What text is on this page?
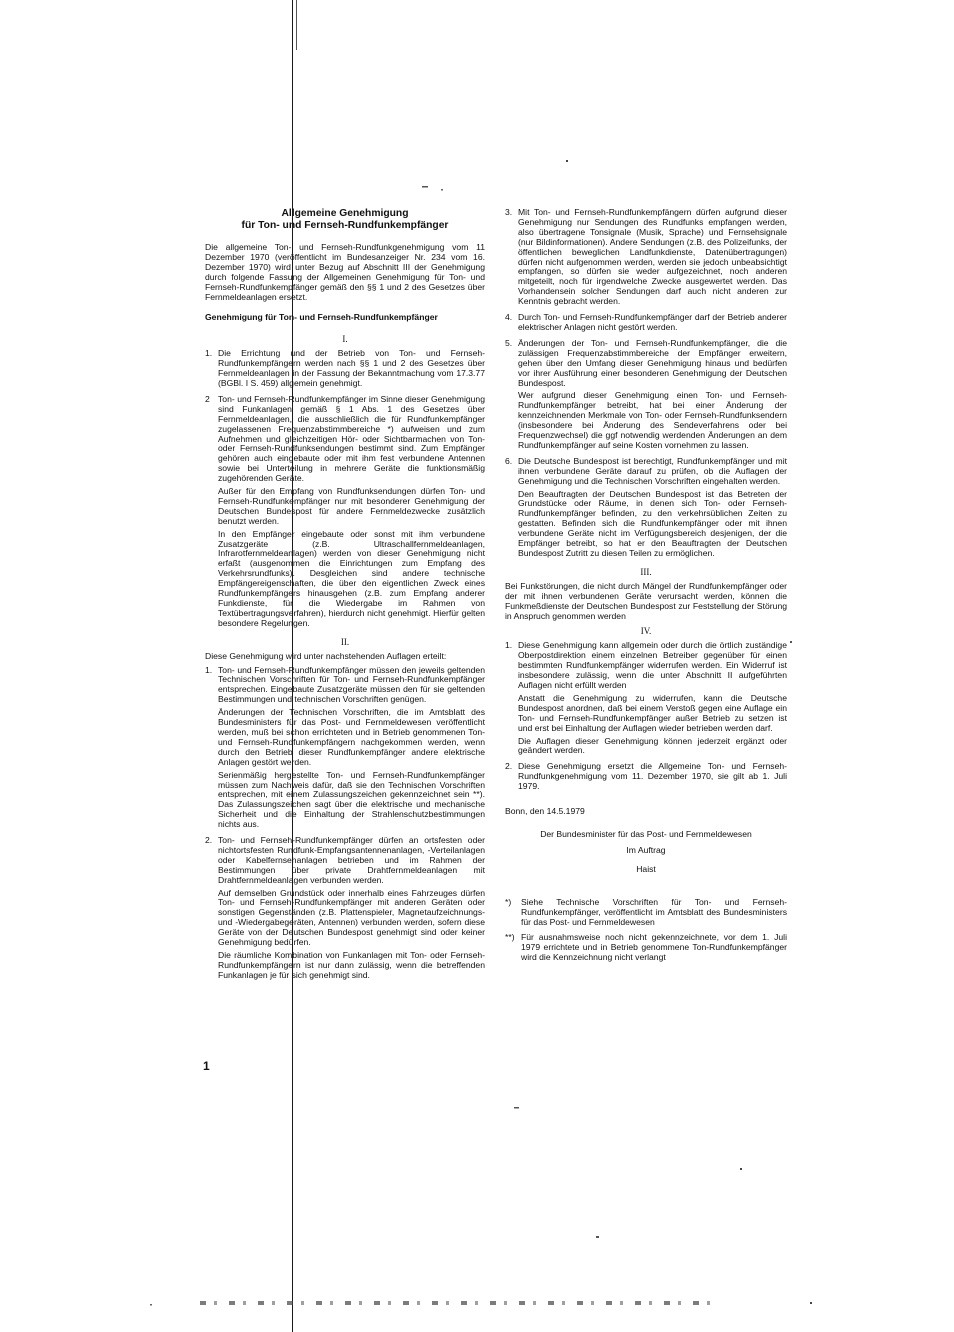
Allgemeine Genehmigung
für Ton- und Fernseh-Rundfunkempfänger

Die allgemeine Ton- und Fernseh-Rundfunkgenehmigung vom 11 Dezember 1970 (veröffentlicht im Bundesanzeiger Nr. 234 vom 16. Dezember 1970) wird unter Bezug auf Abschnitt III der Genehmigung durch folgende Fassung der Allgemeinen Genehmigung für Ton- und Fernseh-Rundfunkempfänger gemäß den §§ 1 und 2 des Gesetzes über Fernmeldeanlagen ersetzt.

Genehmigung für Ton- und Fernseh-Rundfunkempfänger
I.
1. Die Errichtung und der Betrieb von Ton- und Fernseh-Rundfunkempfängern werden nach §§ 1 und 2 des Gesetzes über Fernmeldeanlagen in der Fassung der Bekanntmachung vom 17.3.77 (BGBl. I S. 459) allgemein genehmigt.

2 Ton- und Fernseh-Rundfunkempfänger im Sinne dieser Genehmigung sind Funkanlagen gemäß § 1 Abs. 1 des Gesetzes über Fernmeldeanlagen, die ausschließlich die für Rundfunkempfänger zugelassenen Frequenzabstimmbereiche *) aufweisen und zum Aufnehmen und gleichzeitigen Hör- oder Sichtbarmachen von Ton- oder Fernseh-Rundfunksendungen bestimmt sind. Zum Empfänger gehören auch eingebaute oder mit ihm fest verbundene Antennen sowie bei Unterteilung in mehrere Geräte die funktionsmäßig zugehörenden Geräte.

Außer für den Empfang von Rundfunksendungen dürfen Ton- und Fernseh-Rundfunkempfänger nur mit besonderer Genehmigung der Deutschen Bundespost für andere Fernmeldezwecke zusätzlich benutzt werden.

In den Empfänger eingebaute oder sonst mit ihm verbundene Zusatzgeräte (z.B. Ultraschallfernmeldeanlagen, Infrarotfernmeldeanlagen) werden von dieser Genehmigung nicht erfaßt (ausgenommen die Einrichtungen zum Empfang des Verkehrsrundfunks). Desgleichen sind andere technische Empfängereigenschaften, die über den eigentlichen Zweck eines Rundfunkempfängers hinausgehen (z.B. zum Empfang anderer Funkdienste, für die Wiedergabe im Rahmen von Textübertragungsverfahren), hierdurch nicht genehmigt. Hierfür gelten besondere Regelungen.

II.

Diese Genehmigung wird unter nachstehenden Auflagen erteilt:

1. Ton- und Fernseh-Rundfunkempfänger müssen den jeweils geltenden Technischen Vorschriften für Ton- und Fernseh-Rundfunkempfänger entsprechen. Eingebaute Zusatzgeräte müssen den für sie geltenden Bestimmungen und technischen Vorschriften genügen.

Änderungen der Technischen Vorschriften, die im Amtsblatt des Bundesministers für das Post- und Fernmeldewesen veröffentlicht werden, muß bei schon errichteten und in Betrieb genommenen Ton- und Fernseh-Rundfunkempfängern nachgekommen werden, wenn durch den Betrieb dieser Rundfunkempfänger andere elektrische Anlagen gestört werden.

Serienmäßig hergestellte Ton- und Fernseh-Rundfunkempfänger müssen zum Nachweis dafür, daß sie den Technischen Vorschriften entsprechen, mit einem Zulassungszeichen gekennzeichnet sein **). Das Zulassungszeichen sagt über die elektrische und mechanische Sicherheit und die Einhaltung der Strahlenschutzbestimmungen nichts aus.

2. Ton- und Fernseh-Rundfunkempfänger dürfen an ortsfesten oder nichtortsfesten Rundfunk-Empfangsantennenanlagen, -Verteilanlagen oder Kabelfernsehanlagen betrieben und im Rahmen der Bestimmungen über private Drahtfernmeldeanlagen mit Drahtfernmeldeanlagen verbunden werden.

Auf demselben Grundstück oder innerhalb eines Fahrzeuges dürfen Ton- und Fernseh-Rundfunkempfänger mit anderen Geräten oder sonstigen Gegenständen (z.B. Plattenspieler, Magnetaufzeichnungs- und -Wiedergabegeräten, Antennen) verbunden werden, sofern diese Geräte von der Deutschen Bundespost genehmigt sind oder keiner Genehmigung bedürfen.

Die räumliche Kombination von Funkanlagen mit Ton- oder Fernseh-Rundfunkempfängern ist nur dann zulässig, wenn die betreffenden Funkanlagen je für sich genehmigt sind.

3. Mit Ton- und Fernseh-Rundfunkempfängern dürfen aufgrund dieser Genehmigung nur Sendungen des Rundfunks empfangen werden, also übertragene Tonsignale (Musik, Sprache) und Fernsehsignale (nur Bildinformationen). Andere Sendungen (z.B. des Polizeifunks, der öffentlichen beweglichen Landfunkdienste, Datenübertragungen) dürfen nicht aufgenommen werden, werden sie jedoch unbeabsichtigt empfangen, so dürfen sie weder aufgezeichnet, noch anderen mitgeteilt, noch für irgendwelche Zwecke ausgewertet werden. Das Vorhandensein solcher Sendungen darf auch nicht anderen zur Kenntnis gebracht werden.

4. Durch Ton- und Fernseh-Rundfunkempfänger darf der Betrieb anderer elektrischer Anlagen nicht gestört werden.

5. Änderungen der Ton- und Fernseh-Rundfunkempfänger, die die zulässigen Frequenzabstimmbereiche der Empfänger erweitern, gehen über den Umfang dieser Genehmigung hinaus und bedürfen vor ihrer Ausführung einer besonderen Genehmigung der Deutschen Bundespost.

Wer aufgrund dieser Genehmigung einen Ton- und Fernseh-Rundfunkempfänger betreibt, hat bei einer Änderung der kennzeichnenden Merkmale von Ton- oder Fernseh-Rundfunksendern (insbesondere bei Änderung des Sendeverfahrens oder bei Frequenzwechsel) die ggf notwendig werdenden Änderungen an dem Rundfunkempfänger auf seine Kosten vornehmen zu lassen.

6. Die Deutsche Bundespost ist berechtigt, Rundfunkempfänger und mit ihnen verbundene Geräte darauf zu prüfen, ob die Auflagen der Genehmigung und die Technischen Vorschriften eingehalten werden.

Den Beauftragten der Deutschen Bundespost ist das Betreten der Grundstücke oder Räume, in denen sich Ton- oder Fernseh-Rundfunkempfänger befinden, zu den verkehrsüblichen Zeiten zu gestatten. Befinden sich die Rundfunkempfänger oder mit ihnen verbundene Geräte nicht im Verfügungsbereich desjenigen, der die Empfänger betreibt, so hat er den Beauftragten der Deutschen Bundespost Zutritt zu diesen Teilen zu ermöglichen.

III.

Bei Funkstörungen, die nicht durch Mängel der Rundfunkempfänger oder der mit ihnen verbundenen Geräte verursacht werden, können die Funkmeßdienste der Deutschen Bundespost zur Feststellung der Störung in Anspruch genommen werden

IV.
1. Diese Genehmigung kann allgemein oder durch die örtlich zuständige Oberpostdirektion einem einzelnen Betreiber gegenüber für einen bestimmten Rundfunkempfänger widerrufen werden. Ein Widerruf ist insbesondere zulässig, wenn die unter Abschnitt II aufgeführten Auflagen nicht erfüllt werden

Anstatt die Genehmigung zu widerrufen, kann die Deutsche Bundespost anordnen, daß bei einem Verstoß gegen eine Auflage ein Ton- und Fernseh-Rundfunkempfänger außer Betrieb zu setzen ist und erst bei Einhaltung der Auflagen wieder betrieben werden darf.

Die Auflagen dieser Genehmigung können jederzeit ergänzt oder geändert werden.

2. Diese Genehmigung ersetzt die Allgemeine Ton- und Fernseh-Rundfunkgenehmigung vom 11. Dezember 1970, sie gilt ab 1. Juli 1979.

Bonn, den 14.5.1979
Der Bundesminister für das Post- und Fernmeldewesen
Im Auftrag
Haist
*)	Siehe Technische Vorschriften für Ton- und Fernseh-Rundfunkempfänger, veröffentlicht im Amtsblatt des Bundesministers für das Post- und Fernmeldewesen
**) Für ausnahmsweise noch nicht gekennzeichnete, vor dem 1. Juli 1979 errichtete und in Betrieb genommene Ton-Rundfunkempfänger wird die Kennzeichnung nicht verlangt
1
